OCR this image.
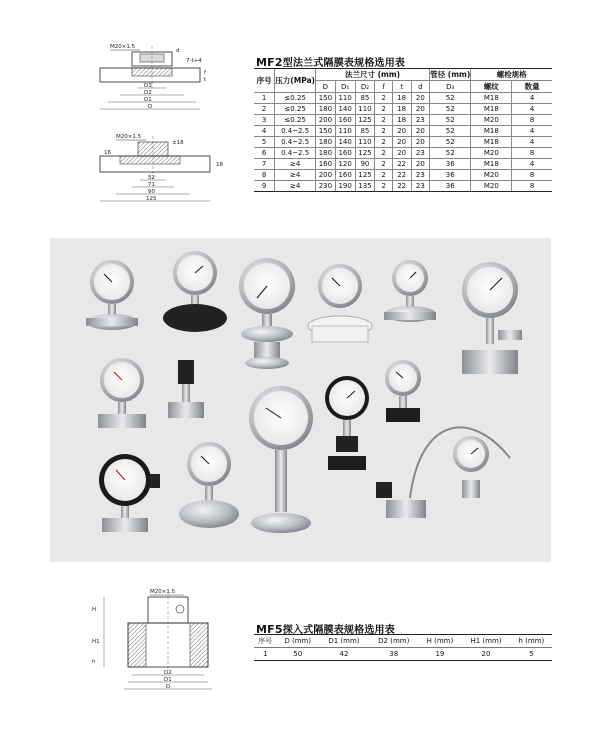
M20×1.5
D3
D2
D1
D
f
t
d
7-t+4
M20×1.5
52
71
90
125
18
±18
16
MF2型法兰式隔膜表规格选用表
序号	压力(MPa)	法兰尺寸 (mm)						管径 (mm)	螺栓规格	
		D	D₁	D₂	f	t	d	D₃	螺纹	数量
1	≤0.25	150	110	85	2	18	20	52	M18	4
2	≤0.25	180	140	110	2	18	20	52	M18	4
3	≤0.25	200	160	125	2	18	23	52	M20	8
4	0.4~2.5	150	110	85	2	20	20	52	M18	4
5	0.4~2.5	180	140	110	2	20	20	52	M18	4
6	0.4~2.5	180	160	125	2	20	23	52	M20	8
7	≥4	160	120	90	2	22	20	36	M18	4
8	≥4	200	160	125	2	22	23	36	M20	8
9	≥4	230	190	135	2	22	23	36	M20	8
M20×1.5
D2
D1
D
H
H1
h
MF5探入式隔膜表规格选用表
序号	D (mm)	D1 (mm)	D2 (mm)	H (mm)	H1 (mm)	h (mm)
1	50	42	38	19	20	5
